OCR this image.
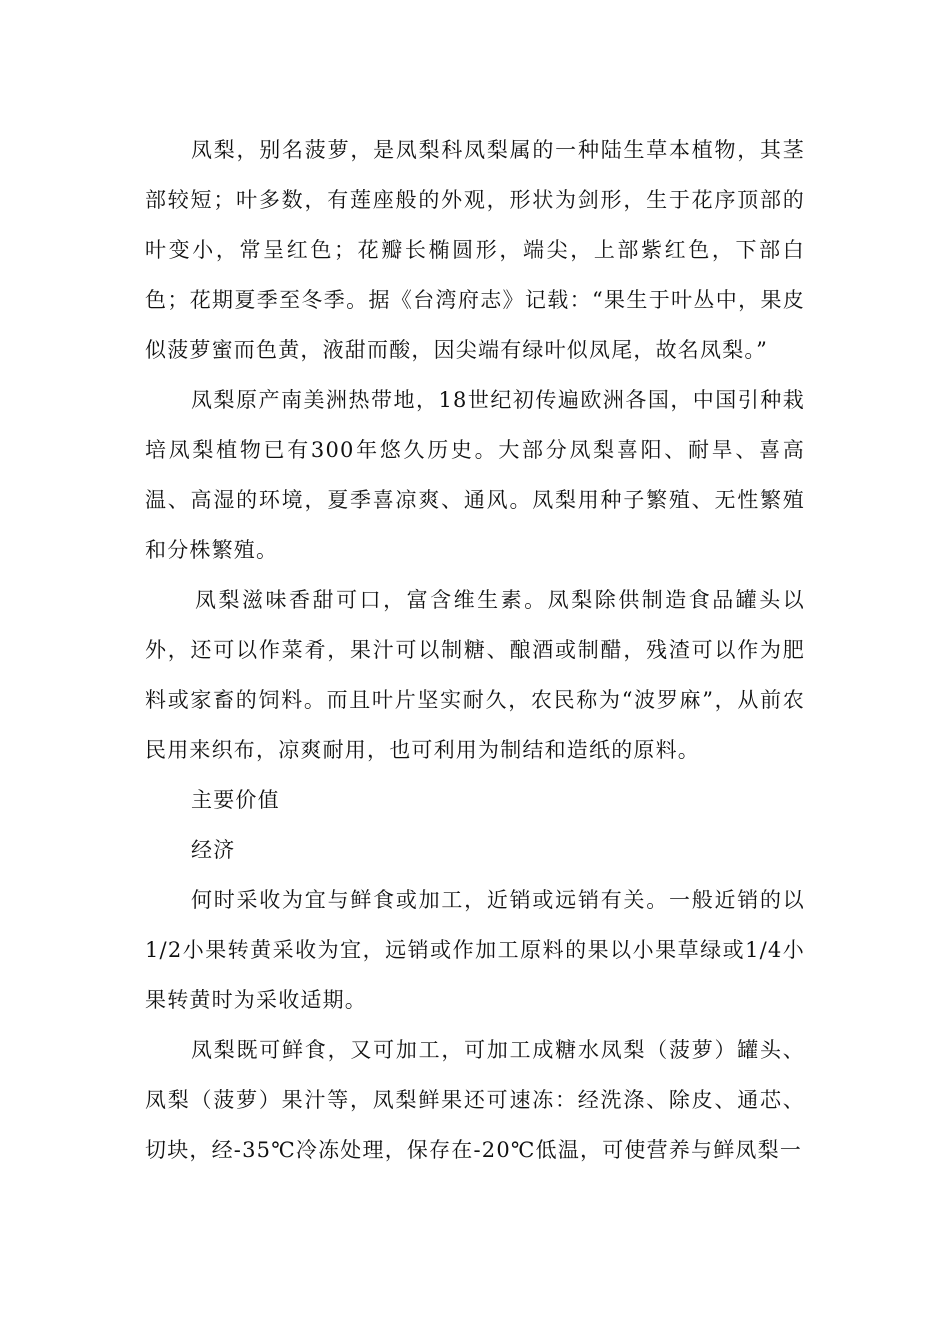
凤梨，别名菠萝，是凤梨科凤梨属的一种陆生草本植物，其茎部较短；叶多数，有莲座般的外观，形状为剑形，生于花序顶部的叶变小，常呈红色；花瓣长椭圆形，端尖，上部紫红色，下部白色；花期夏季至冬季。据《台湾府志》记载：“果生于叶丛中，果皮似菠萝蜜而色黄，液甜而酸，因尖端有绿叶似凤尾，故名凤梨。”

凤梨原产南美洲热带地，18世纪初传遍欧洲各国，中国引种栽培凤梨植物已有300年悠久历史。大部分凤梨喜阳、耐旱、喜高温、高湿的环境，夏季喜凉爽、通风。凤梨用种子繁殖、无性繁殖和分株繁殖。

凤梨滋味香甜可口，富含维生素。凤梨除供制造食品罐头以外，还可以作菜肴，果汁可以制糖、酿酒或制醋，残渣可以作为肥料或家畜的饲料。而且叶片坚实耐久，农民称为“波罗麻”，从前农民用来织布，凉爽耐用，也可利用为制结和造纸的原料。

主要价值

经济

何时采收为宜与鲜食或加工，近销或远销有关。一般近销的以1/2小果转黄采收为宜，远销或作加工原料的果以小果草绿或1/4小果转黄时为采收适期。

凤梨既可鲜食，又可加工，可加工成糖水凤梨（菠萝）罐头、凤梨（菠萝）果汁等，凤梨鲜果还可速冻：经洗涤、除皮、通芯、切块，经-35℃冷冻处理，保存在-20℃低温，可使营养与鲜凤梨一
